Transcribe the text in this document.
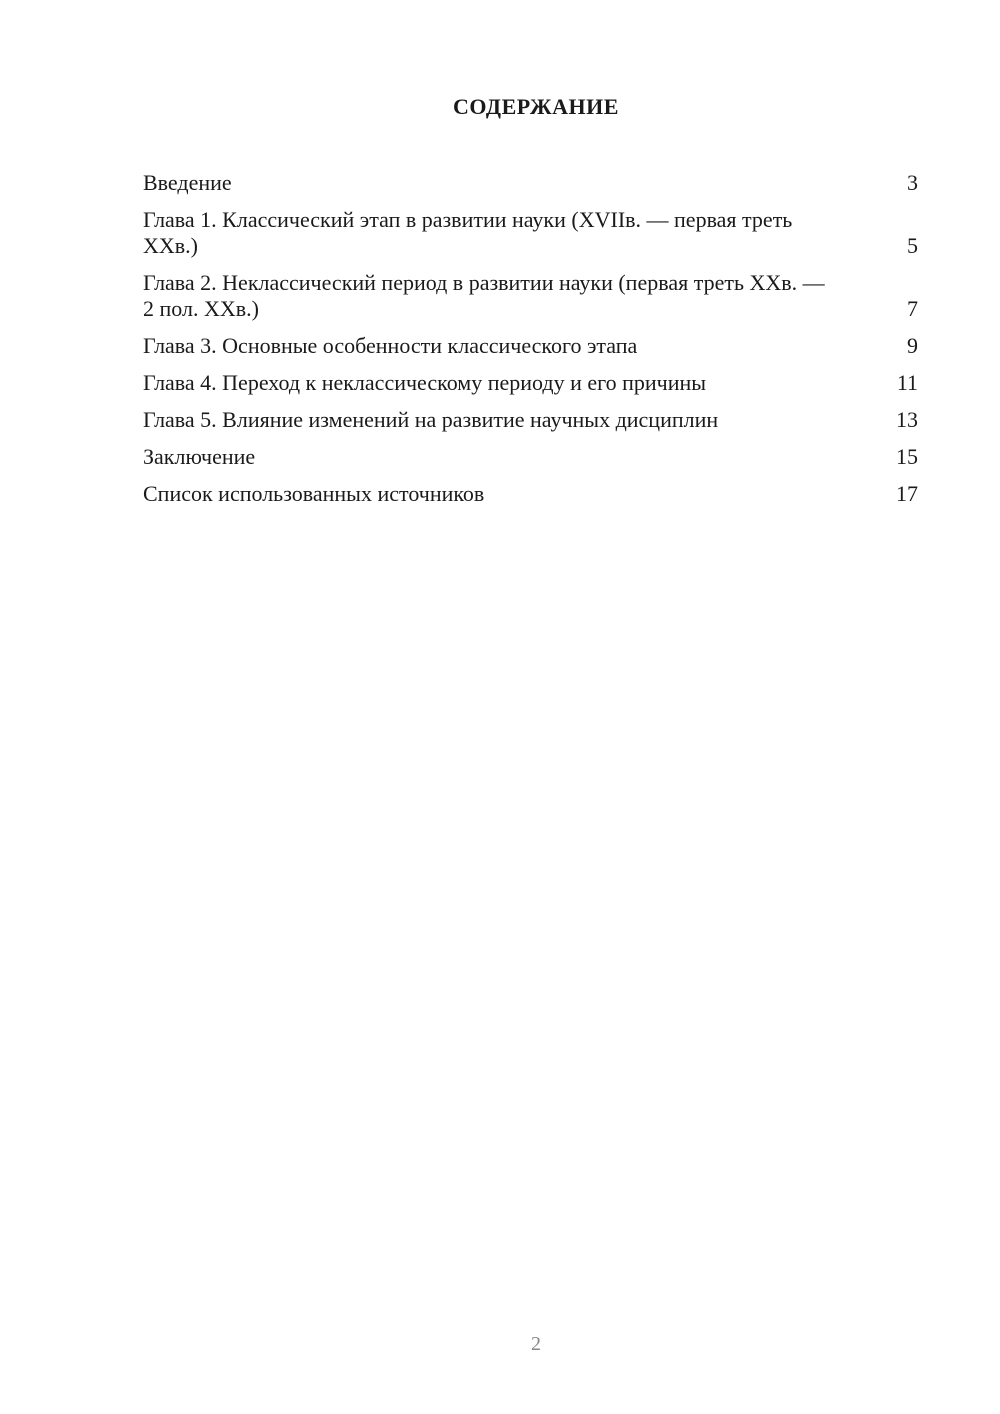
СОДЕРЖАНИЕ
Введение	3
Глава 1. Классический этап в развитии науки (XVIIв. — первая треть XXв.)	5
Глава 2. Неклассический период в развитии науки (первая треть XXв. — 2 пол. XXв.)	7
Глава 3. Основные особенности классического этапа	9
Глава 4. Переход к неклассическому периоду и его причины	11
Глава 5. Влияние изменений на развитие научных дисциплин	13
Заключение	15
Список использованных источников	17
2
